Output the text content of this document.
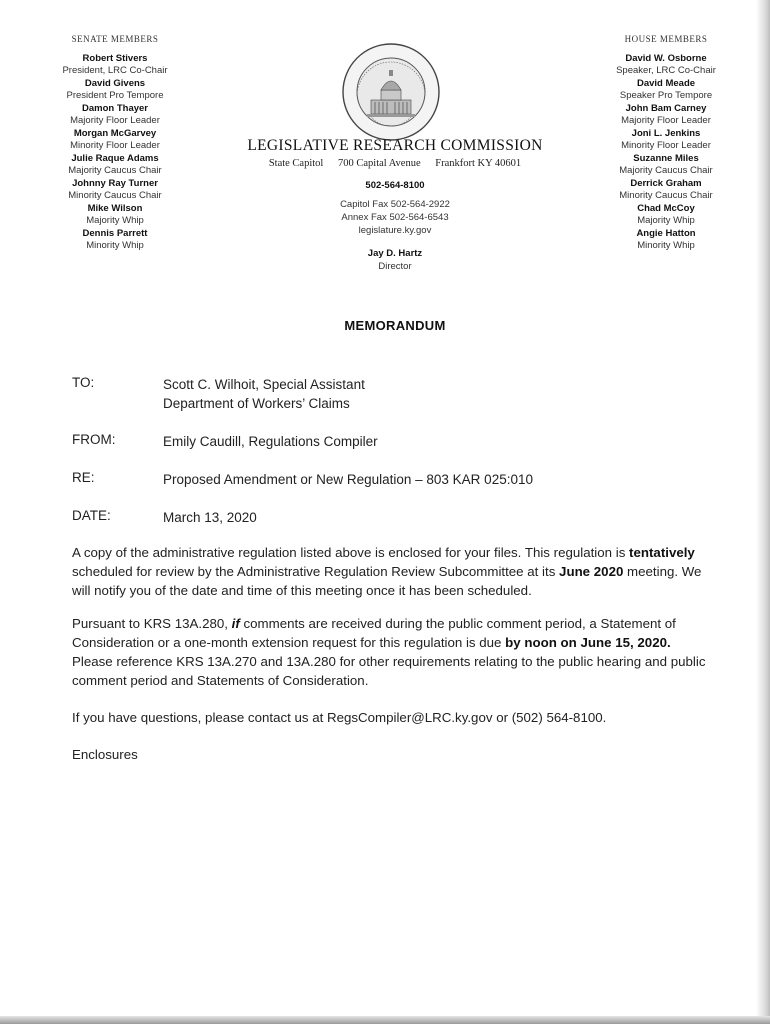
SENATE MEMBERS
Robert Stivers
President, LRC Co-Chair
David Givens
President Pro Tempore
Damon Thayer
Majority Floor Leader
Morgan McGarvey
Minority Floor Leader
Julie Raque Adams
Majority Caucus Chair
Johnny Ray Turner
Minority Caucus Chair
Mike Wilson
Majority Whip
Dennis Parrett
Minority Whip
HOUSE MEMBERS
David W. Osborne
Speaker, LRC Co-Chair
David Meade
Speaker Pro Tempore
John Bam Carney
Majority Floor Leader
Joni L. Jenkins
Minority Floor Leader
Suzanne Miles
Majority Caucus Chair
Derrick Graham
Minority Caucus Chair
Chad McCoy
Majority Whip
Angie Hatton
Minority Whip
LEGISLATIVE RESEARCH COMMISSION
State Capitol 700 Capital Avenue Frankfort KY 40601
502-564-8100
Capitol Fax 502-564-2922
Annex Fax 502-564-6543
legislature.ky.gov
Jay D. Hartz
Director
MEMORANDUM
TO:	Scott C. Wilhoit, Special Assistant
Department of Workers’ Claims
FROM:	Emily Caudill, Regulations Compiler
RE:	Proposed Amendment or New Regulation – 803 KAR 025:010
DATE:	March 13, 2020
A copy of the administrative regulation listed above is enclosed for your files. This regulation is tentatively scheduled for review by the Administrative Regulation Review Subcommittee at its June 2020 meeting. We will notify you of the date and time of this meeting once it has been scheduled.
Pursuant to KRS 13A.280, if comments are received during the public comment period, a Statement of Consideration or a one-month extension request for this regulation is due by noon on June 15, 2020. Please reference KRS 13A.270 and 13A.280 for other requirements relating to the public hearing and public comment period and Statements of Consideration.
If you have questions, please contact us at RegsCompiler@LRC.ky.gov or (502) 564-8100.
Enclosures
